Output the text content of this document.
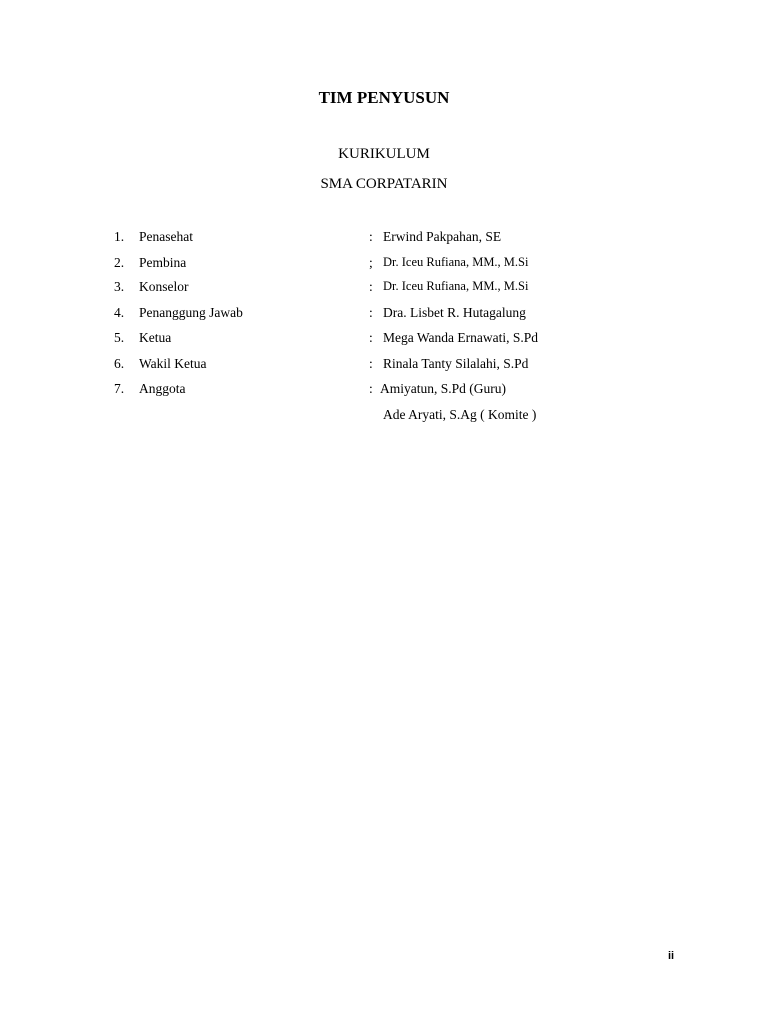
TIM PENYUSUN
KURIKULUM
SMA CORPATARIN
1. Penasehat	: Erwind Pakpahan, SE
2. Pembina	; Dr. Iceu Rufiana, MM., M.Si
3. Konselor	: Dr. Iceu Rufiana, MM., M.Si
4. Penanggung Jawab	: Dra. Lisbet R. Hutagalung
5. Ketua	: Mega Wanda Ernawati, S.Pd
6. Wakil Ketua	: Rinala Tanty Silalahi, S.Pd
7. Anggota	: Amiyatun, S.Pd (Guru)
Ade Aryati, S.Ag ( Komite )
ii
